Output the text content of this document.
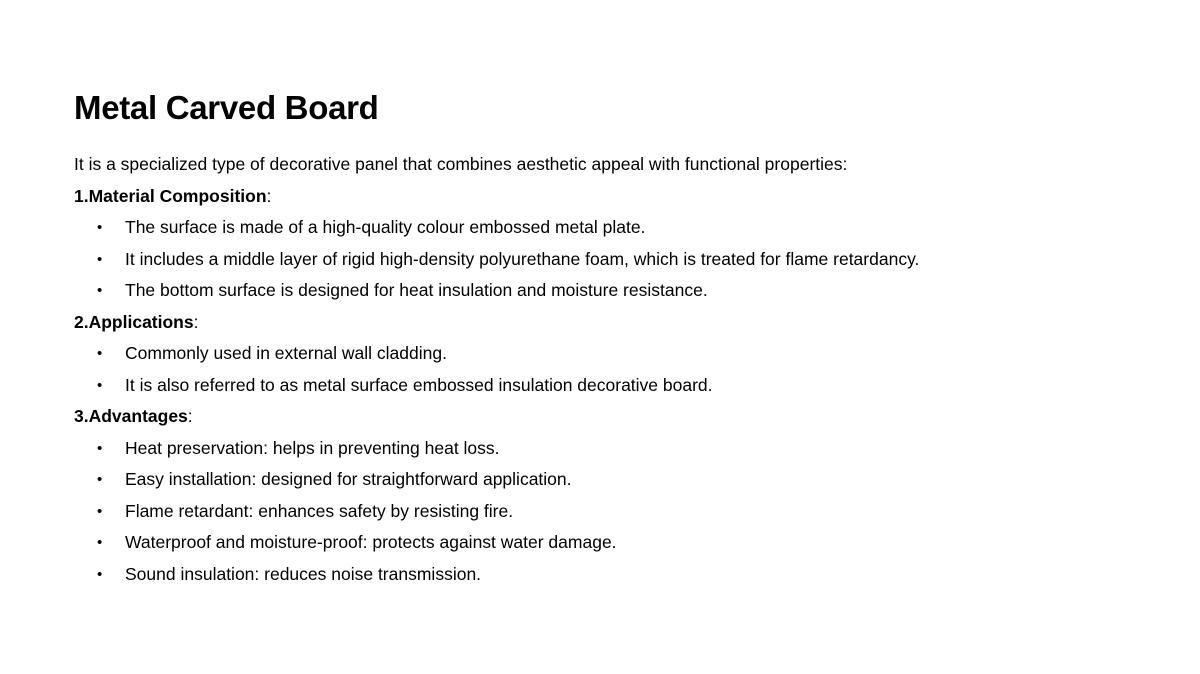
Metal Carved Board

It is a specialized type of decorative panel that combines aesthetic appeal with functional properties:

1.Material Composition:

•	The surface is made of a high-quality colour embossed metal plate.
•	It includes a middle layer of rigid high-density polyurethane foam, which is treated for flame retardancy.
•	The bottom surface is designed for heat insulation and moisture resistance.

2.Applications:

•	Commonly used in external wall cladding.
•	It is also referred to as metal surface embossed insulation decorative board.

3.Advantages:

•	Heat preservation: helps in preventing heat loss.
•	Easy installation: designed for straightforward application.
•	Flame retardant: enhances safety by resisting fire.
•	Waterproof and moisture-proof: protects against water damage.
•	Sound insulation: reduces noise transmission.
